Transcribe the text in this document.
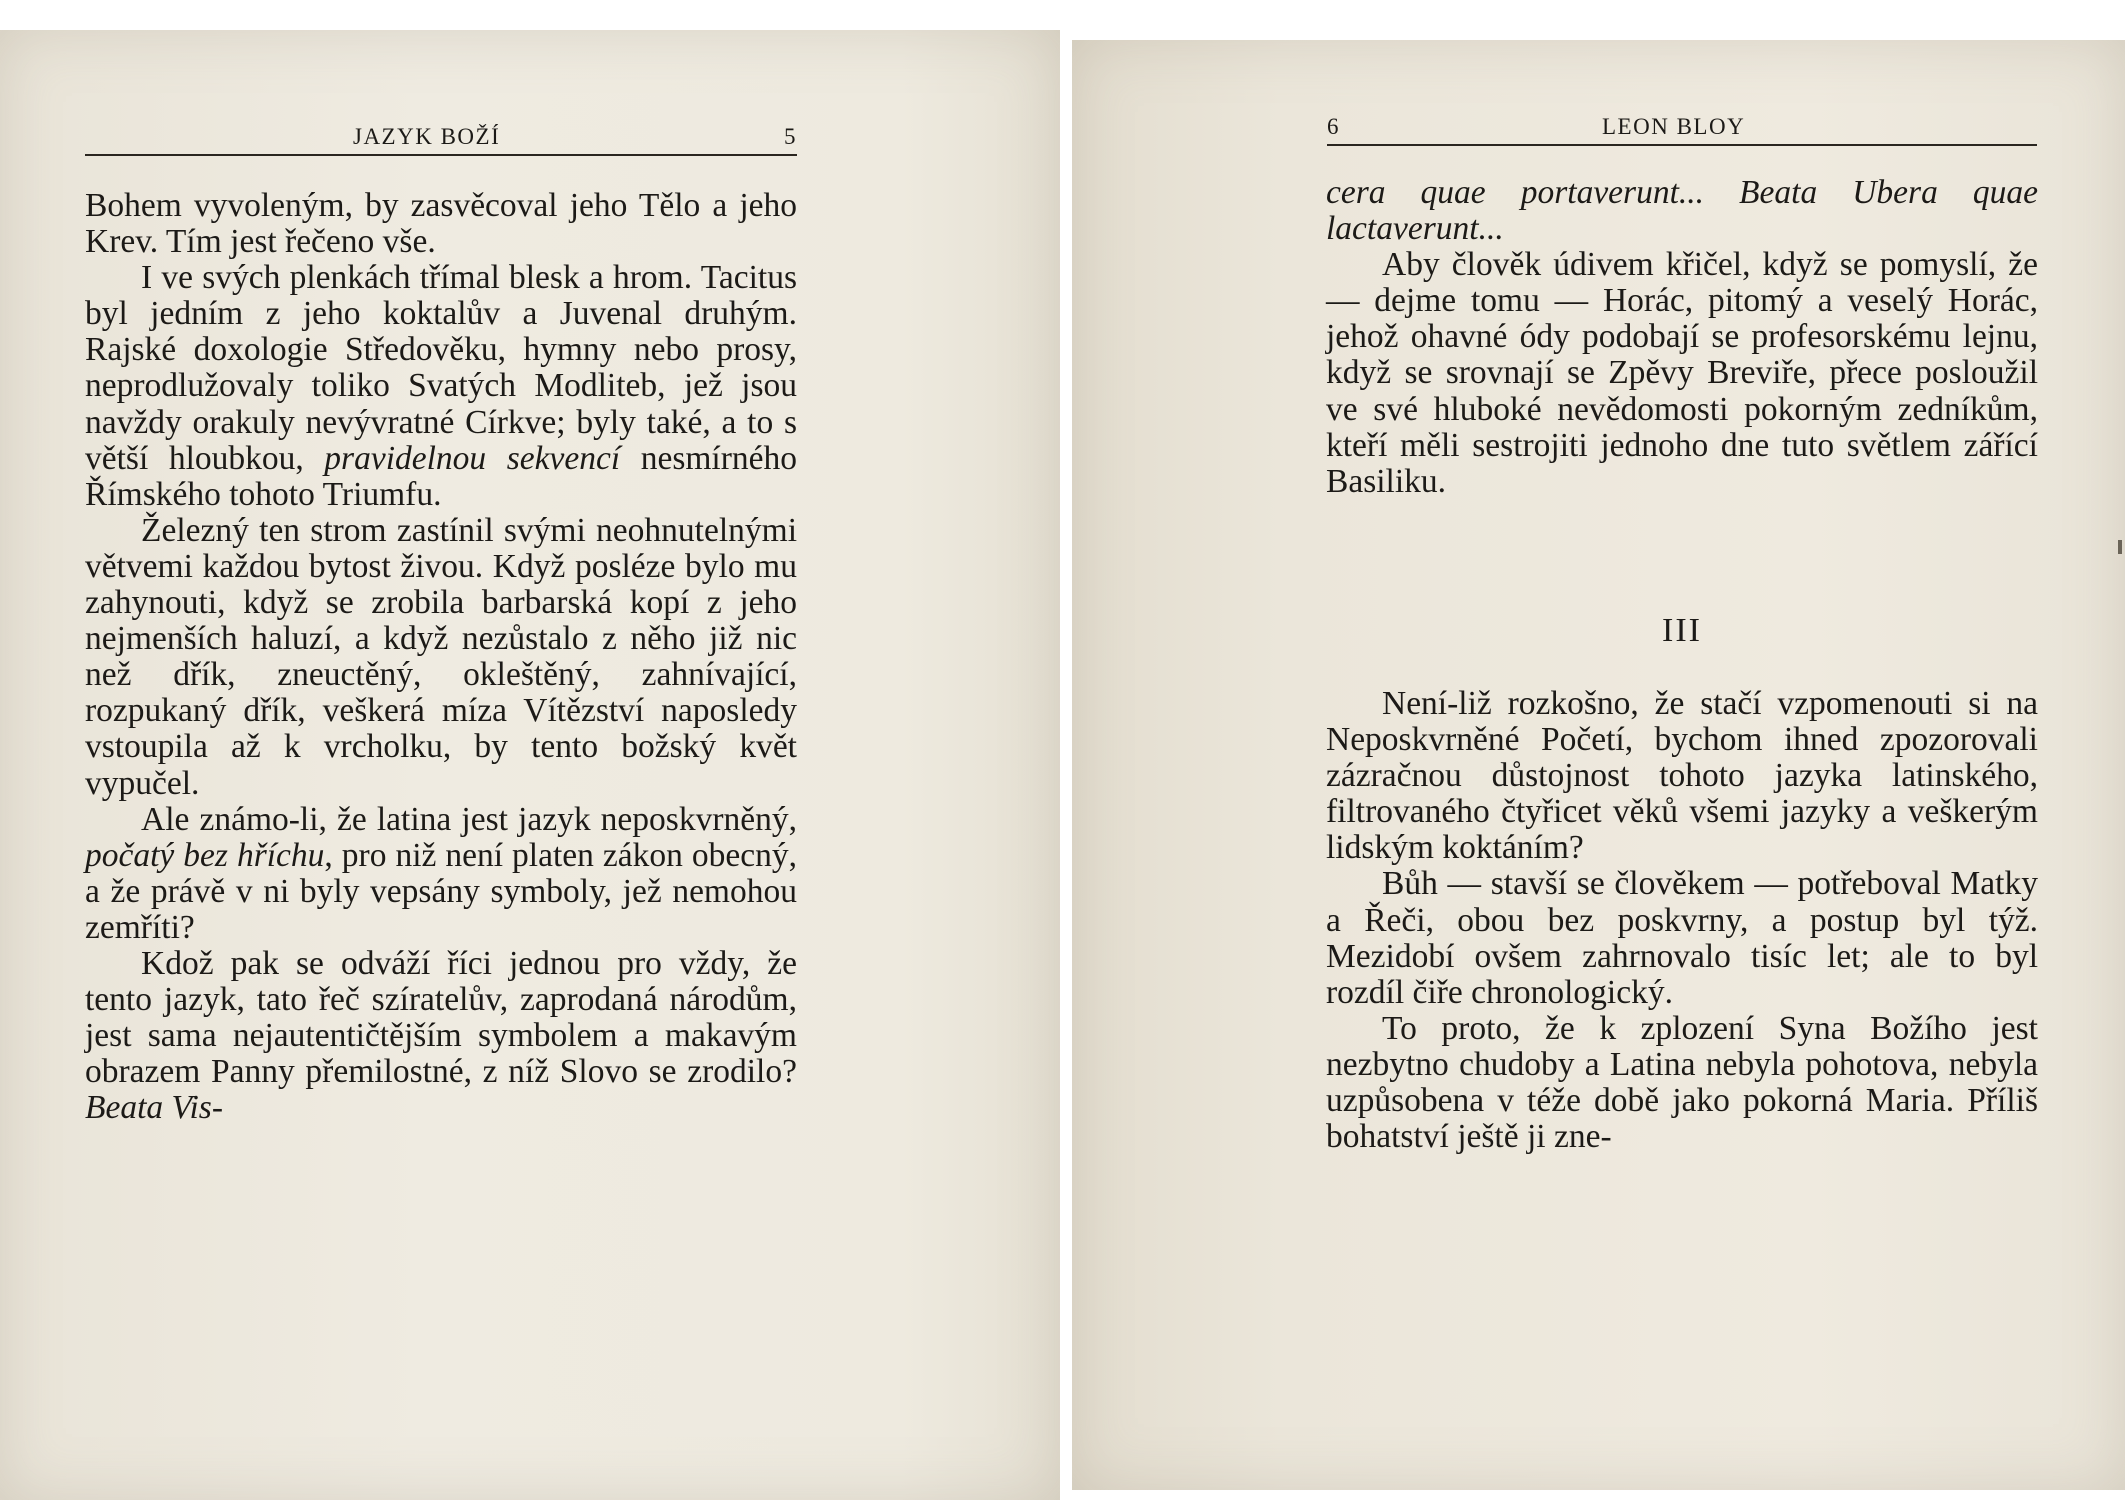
JAZYK BOŽÍ	5

Bohem vyvoleným, by zasvěcoval jeho Tělo a jeho Krev. Tím jest řečeno vše.

I ve svých plenkách třímal blesk a hrom. Tacitus byl jedním z jeho koktalův a Juvenal druhým. Rajské doxologie Středověku, hymny nebo prosy, neprodlužovaly toliko Svatých Modliteb, jež jsou navždy orakuly nevývratné Církve; byly také, a to s větší hloubkou, pravidelnou sekvencí nesmírného Římského tohoto Triumfu.

Železný ten strom zastínil svými neohnutelnými větvemi každou bytost živou. Když posléze bylo mu zahynouti, když se zrobila barbarská kopí z jeho nejmenších haluzí, a když nezůstalo z něho již nic než dřík, zneuctěný, okleštěný, zahnívající, rozpukaný dřík, veškerá míza Vítězství naposledy vstoupila až k vrcholku, by tento božský květ vypučel.

Ale známo-li, že latina jest jazyk neposkvrněný, počatý bez hříchu, pro niž není platen zákon obecný, a že právě v ni byly vepsány symboly, jež nemohou zemříti?

Kdož pak se odváží říci jednou pro vždy, že tento jazyk, tato řeč szíratelův, zaprodaná národům, jest sama nejautentičtějším symbolem a makavým obrazem Panny přemilostné, z níž Slovo se zrodilo? Beata Vis-

6	LEON BLOY

cera quae portaverunt... Beata Ubera quae lactaverunt...

Aby člověk údivem křičel, když se pomyslí, že — dejme tomu — Horác, pitomý a veselý Horác, jehož ohavné ódy podobají se profesorskému lejnu, když se srovnají se Zpěvy Breviře, přece posloužil ve své hluboké nevědomosti pokorným zedníkům, kteří měli sestrojiti jednoho dne tuto světlem zářící Basiliku.

III

Není-liž rozkošno, že stačí vzpomenouti si na Neposkvrněné Početí, bychom ihned zpozorovali zázračnou důstojnost tohoto jazyka latinského, filtrovaného čtyřicet věků všemi jazyky a veškerým lidským koktáním?

Bůh — stavší se člověkem — potřeboval Matky a Řeči, obou bez poskvrny, a postup byl týž. Mezidobí ovšem zahrnovalo tisíc let; ale to byl rozdíl čiře chronologický.

To proto, že k zplození Syna Božího jest nezbytno chudoby a Latina nebyla pohotova, nebyla uzpůsobena v téže době jako pokorná Maria. Příliš bohatství ještě ji zne-
